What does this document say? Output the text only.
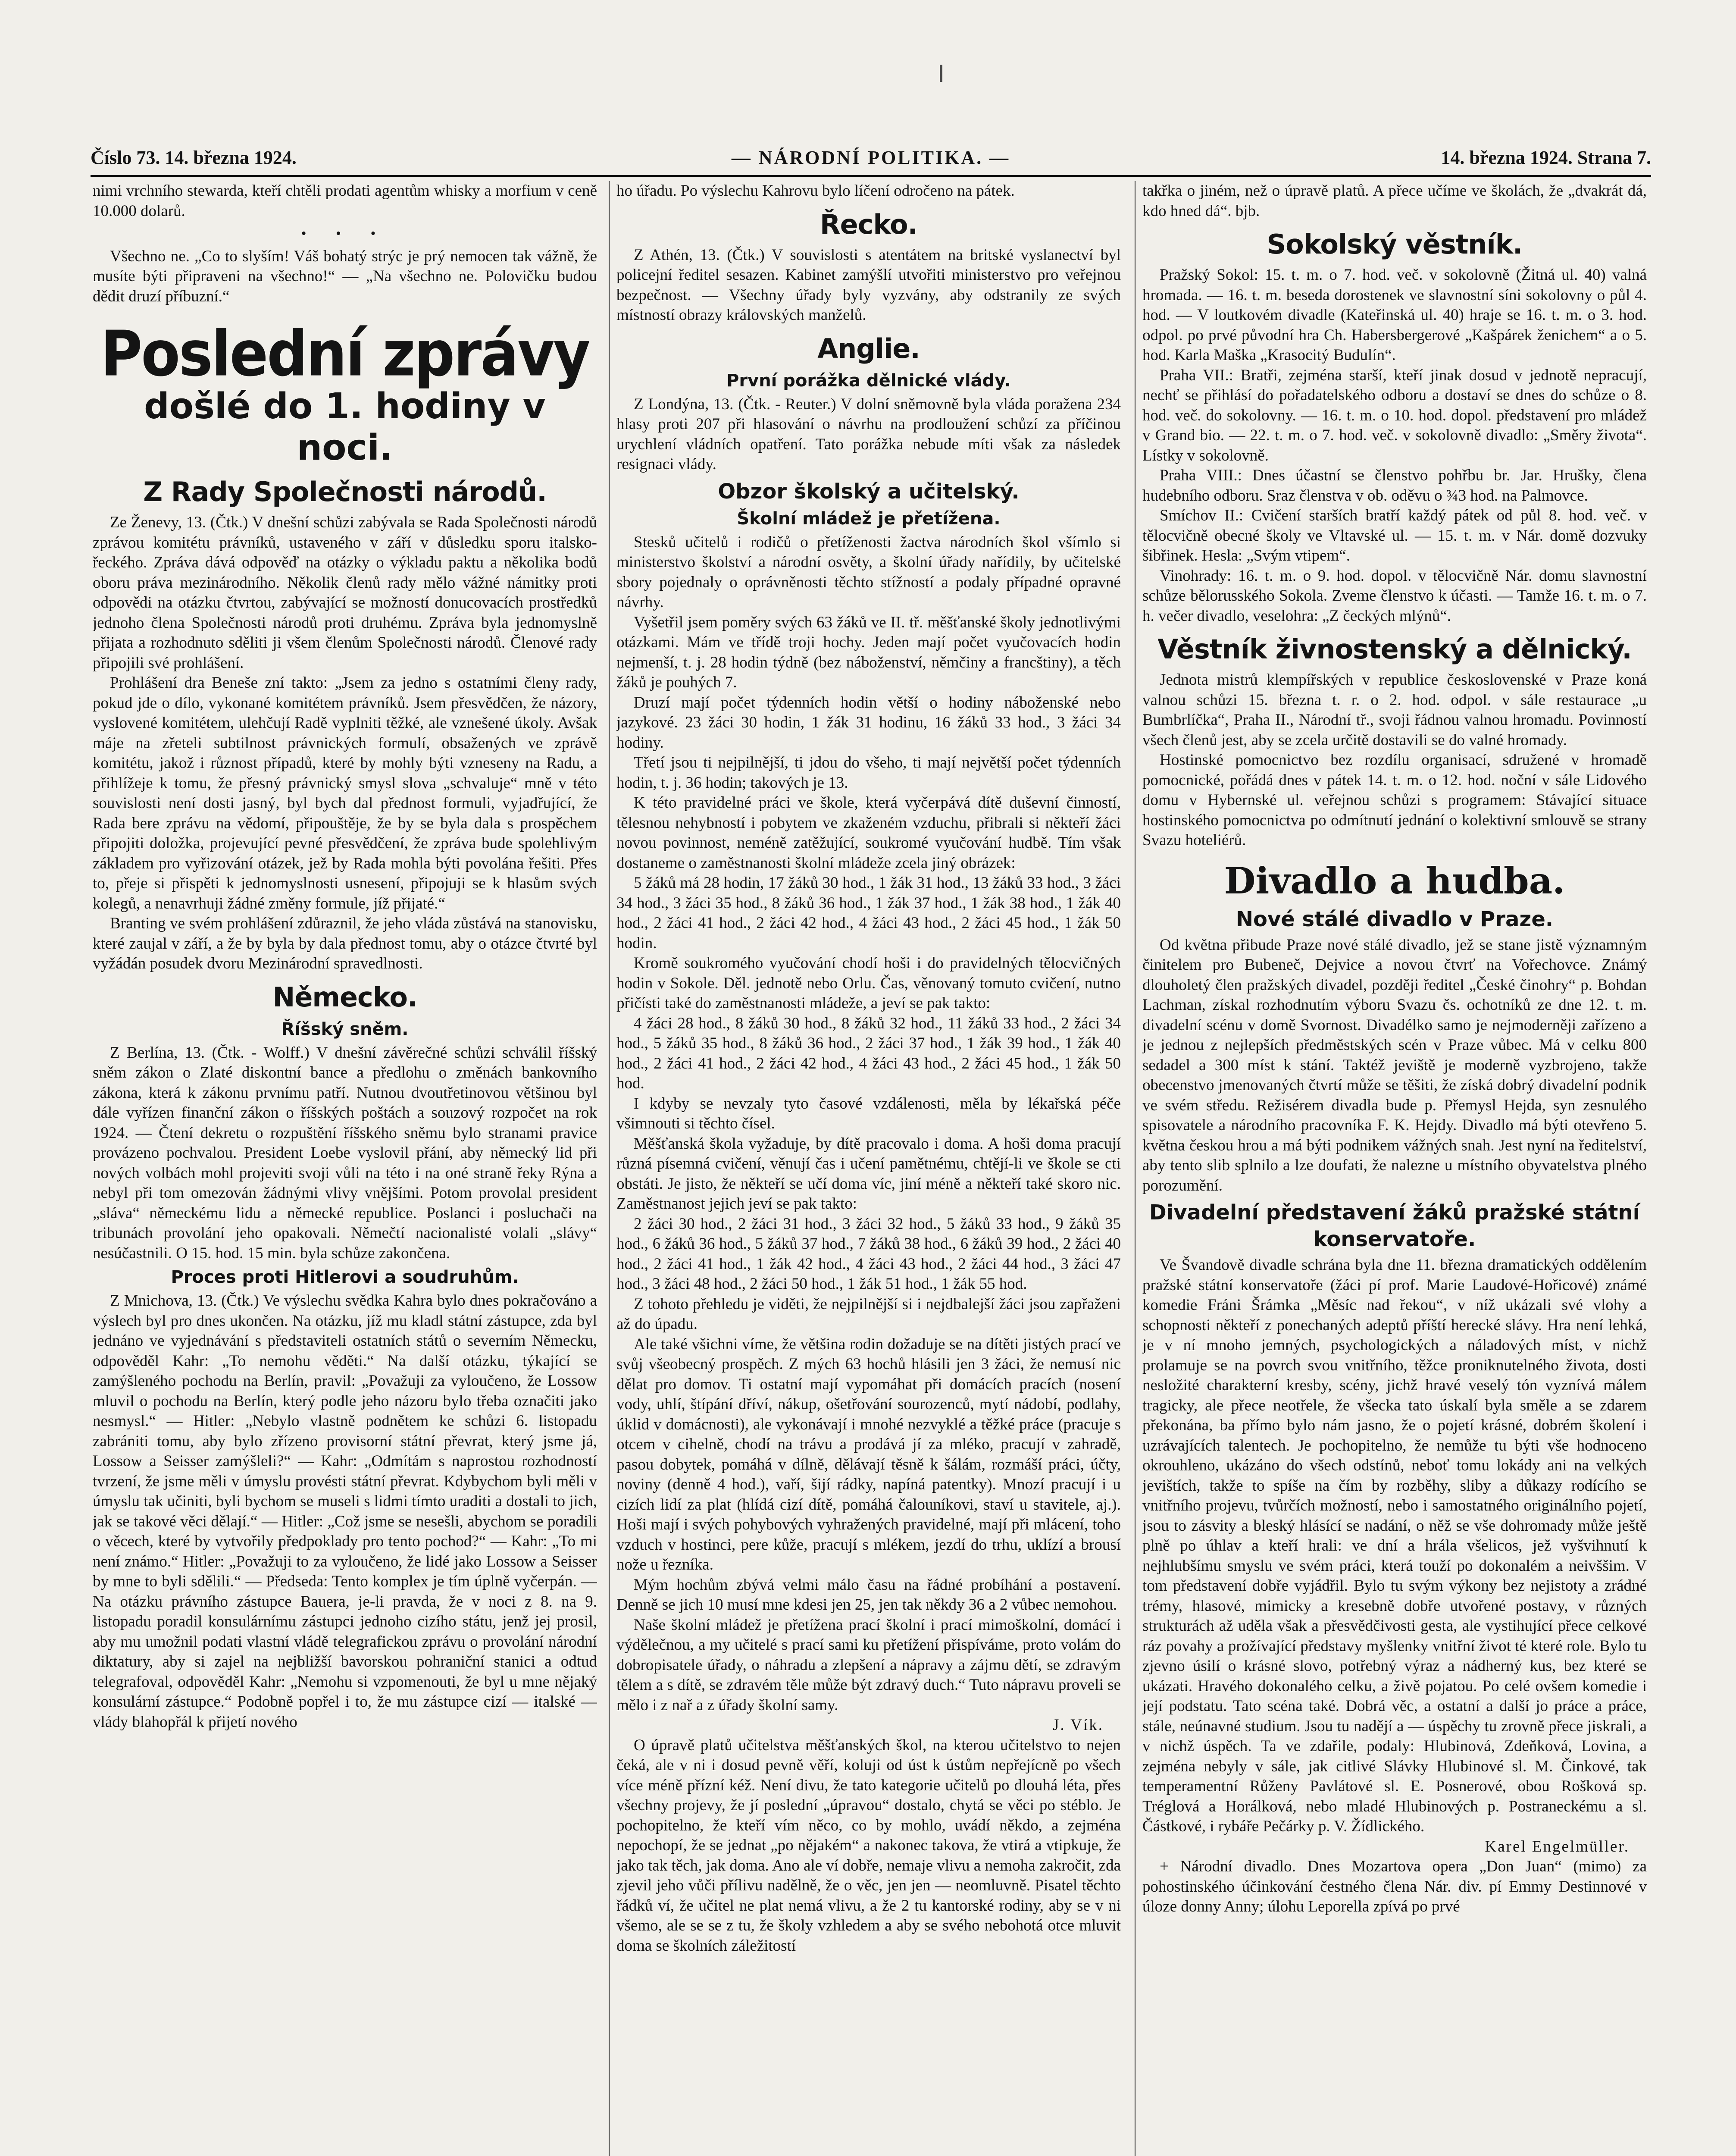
Číslo 73. 14. března 1924.	— NÁRODNÍ POLITIKA. —	14. března 1924. Strana 7.

nimi vrchního stewarda, kteří chtěli prodati agentům whisky a morfium v ceně 10.000 dolarů.

• • •

Všechno ne. „Co to slyším! Váš bohatý strýc je prý nemocen tak vážně, že musíte býti připraveni na všechno!“ — „Na všechno ne. Polovičku budou dědit druzí příbuzní.“

Poslední zprávy
došlé do 1. hodiny v noci.
Z Rady Společnosti národů.

Ze Ženevy, 13. (Čtk.) V dnešní schůzi zabývala se Rada Společnosti národů zprávou komitétu právníků, ustaveného v září v důsledku sporu italsko-řeckého. Zpráva dává odpověď na otázky o výkladu paktu a několika bodů oboru práva mezinárodního. Několik členů rady mělo vážné námitky proti odpovědi na otázku čtvrtou, zabývající se možností donucovacích prostředků jednoho člena Společnosti národů proti druhému. Zpráva byla jednomyslně přijata a rozhodnuto sděliti ji všem členům Společnosti národů. Členové rady připojili své prohlášení.

Prohlášení dra Beneše zní takto: „Jsem za jedno s ostatními členy rady, pokud jde o dílo, vykonané komitétem právníků. Jsem přesvědčen, že názory, vyslovené komitétem, ulehčují Radě vyplniti těžké, ale vznešené úkoly. Avšak máje na zřeteli subtilnost právnických formulí, obsažených ve zprávě komitétu, jakož i různost případů, které by mohly býti vzneseny na Radu, a přihlížeje k tomu, že přesný právnický smysl slova „schvaluje“ mně v této souvislosti není dosti jasný, byl bych dal přednost formuli, vyjadřující, že Rada bere zprávu na vědomí, připouštěje, že by se byla dala s prospěchem připojiti doložka, projevující pevné přesvědčení, že zpráva bude spolehlivým základem pro vyřizování otázek, jež by Rada mohla býti povolána řešiti. Přes to, přeje si přispěti k jednomyslnosti usnesení, připojuji se k hlasům svých kolegů, a nenavrhuji žádné změny formule, jíž přijaté.“

Branting ve svém prohlášení zdůraznil, že jeho vláda zůstává na stanovisku, které zaujal v září, a že by byla by dala přednost tomu, aby o otázce čtvrté byl vyžádán posudek dvoru Mezinárodní spravedlnosti.

Německo.
Říšský sněm.

Z Berlína, 13. (Čtk. - Wolff.) V dnešní závěrečné schůzi schválil říšský sněm zákon o Zlaté diskontní bance a předlohu o změnách bankovního zákona, která k zákonu prvnímu patří. Nutnou dvoutřetinovou většinou byl dále vyřízen finanční zákon o říšských poštách a souzový rozpočet na rok 1924. — Čtení dekretu o rozpuštění říšského sněmu bylo stranami pravice provázeno pochvalou. President Loebe vyslovil přání, aby německý lid při nových volbách mohl projeviti svoji vůli na této i na oné straně řeky Rýna a nebyl při tom omezován žádnými vlivy vnějšími. Potom provolal president „sláva“ německému lidu a německé republice. Poslanci i posluchači na tribunách provolání jeho opakovali. Němečtí nacionalisté volali „slávy“ nesúčastnili. O 15. hod. 15 min. byla schůze zakončena.

Proces proti Hitlerovi a soudruhům.

Z Mnichova, 13. (Čtk.) Ve výslechu svědka Kahra bylo dnes pokračováno a výslech byl pro dnes ukončen. Na otázku, jíž mu kladl státní zástupce, zda byl jednáno ve vyjednávání s představiteli ostatních států o severním Německu, odpověděl Kahr: „To nemohu věděti.“ Na další otázku, týkající se zamýšleného pochodu na Berlín, pravil: „Považuji za vyloučeno, že Lossow mluvil o pochodu na Berlín, který podle jeho názoru bylo třeba označiti jako nesmysl.“ — Hitler: „Nebylo vlastně podnětem ke schůzi 6. listopadu zabrániti tomu, aby bylo zřízeno provisorní státní převrat, který jsme já, Lossow a Seisser zamýšleli?“ — Kahr: „Odmítám s naprostou rozhodností tvrzení, že jsme měli v úmyslu provésti státní převrat. Kdybychom byli měli v úmyslu tak učiniti, byli bychom se museli s lidmi tímto uraditi a dostali to jich, jak se takové věci dělají.“ — Hitler: „Což jsme se nesešli, abychom se poradili o věcech, které by vytvořily předpoklady pro tento pochod?“ — Kahr: „To mi není známo.“ Hitler: „Považuji to za vyloučeno, že lidé jako Lossow a Seisser by mne to byli sdělili.“ — Předseda: Tento komplex je tím úplně vyčerpán. — Na otázku právního zástupce Bauera, je-li pravda, že v noci z 8. na 9. listopadu poradil konsulárnímu zástupci jednoho cizího státu, jenž jej prosil, aby mu umožnil podati vlastní vládě telegrafickou zprávu o provolání národní diktatury, aby si zajel na nejbližší bavorskou pohraniční stanici a odtud telegrafoval, odpověděl Kahr: „Nemohu si vzpomenouti, že byl u mne nějaký konsulární zástupce.“ Podobně popřel i to, že mu zástupce cizí — italské — vlády blahopřál k přijetí nového

ho úřadu. Po výslechu Kahrovu bylo líčení odročeno na pátek.

Řecko.

Z Athén, 13. (Čtk.) V souvislosti s atentátem na britské vyslanectví byl policejní ředitel sesazen. Kabinet zamýšlí utvořiti ministerstvo pro veřejnou bezpečnost. — Všechny úřady byly vyzvány, aby odstranily ze svých místností obrazy královských manželů.

Anglie.
První porážka dělnické vlády.

Z Londýna, 13. (Čtk. - Reuter.) V dolní sněmovně byla vláda poražena 234 hlasy proti 207 při hlasování o návrhu na prodloužení schůzí za příčinou urychlení vládních opatření. Tato porážka nebude míti však za následek resignaci vlády.

Obzor školský a učitelský.
Školní mládež je přetížena.

Stesků učitelů i rodičů o přetíženosti žactva národních škol všímlo si ministerstvo školství a národní osvěty, a školní úřady nařídily, by učitelské sbory pojednaly o oprávněnosti těchto stížností a podaly případné opravné návrhy.

Vyšetřil jsem poměry svých 63 žáků ve II. tř. měšťanské školy jednotlivými otázkami. Mám ve třídě troji hochy. Jeden mají počet vyučovacích hodin nejmenší, t. j. 28 hodin týdně (bez náboženství, němčiny a francštiny), a těch žáků je pouhých 7.

Druzí mají počet týdenních hodin větší o hodiny náboženské nebo jazykové. 23 žáci 30 hodin, 1 žák 31 hodinu, 16 žáků 33 hod., 3 žáci 34 hodiny.

Třetí jsou ti nejpilnější, ti jdou do všeho, ti mají největší počet týdenních hodin, t. j. 36 hodin; takových je 13.

K této pravidelné práci ve škole, která vyčerpává dítě duševní činností, tělesnou nehybností i pobytem ve zkaženém vzduchu, přibrali si někteří žáci novou povinnost, neméně zatěžující, soukromé vyučování hudbě. Tím však dostaneme o zaměstnanosti školní mládeže zcela jiný obrázek:

5 žáků má 28 hodin, 17 žáků 30 hod., 1 žák 31 hod., 13 žáků 33 hod., 3 žáci 34 hod., 3 žáci 35 hod., 8 žáků 36 hod., 1 žák 37 hod., 1 žák 38 hod., 1 žák 40 hod., 2 žáci 41 hod., 2 žáci 42 hod., 4 žáci 43 hod., 2 žáci 45 hod., 1 žák 50 hodin.

Kromě soukromého vyučování chodí hoši i do pravidelných tělocvičných hodin v Sokole. Děl. jednotě nebo Orlu. Čas, věnovaný tomuto cvičení, nutno přičísti také do zaměstnanosti mládeže, a jeví se pak takto:

4 žáci 28 hod., 8 žáků 30 hod., 8 žáků 32 hod., 11 žáků 33 hod., 2 žáci 34 hod., 5 žáků 35 hod., 8 žáků 36 hod., 2 žáci 37 hod., 1 žák 39 hod., 1 žák 40 hod., 2 žáci 41 hod., 2 žáci 42 hod., 4 žáci 43 hod., 2 žáci 45 hod., 1 žák 50 hod.

I kdyby se nevzaly tyto časové vzdálenosti, měla by lékařská péče všimnouti si těchto čísel.

Měšťanská škola vyžaduje, by dítě pracovalo i doma. A hoši doma pracují různá písemná cvičení, věnují čas i učení pamětnému, chtějí-li ve škole se cti obstáti. Je jisto, že někteří se učí doma víc, jiní méně a někteří také skoro nic. Zaměstnanost jejich jeví se pak takto:

2 žáci 30 hod., 2 žáci 31 hod., 3 žáci 32 hod., 5 žáků 33 hod., 9 žáků 35 hod., 6 žáků 36 hod., 5 žáků 37 hod., 7 žáků 38 hod., 6 žáků 39 hod., 2 žáci 40 hod., 2 žáci 41 hod., 1 žák 42 hod., 4 žáci 43 hod., 2 žáci 44 hod., 3 žáci 47 hod., 3 žáci 48 hod., 2 žáci 50 hod., 1 žák 51 hod., 1 žák 55 hod.

Z tohoto přehledu je viděti, že nejpilnější si i nejdbalejší žáci jsou zapřaženi až do úpadu.

Ale také všichni víme, že většina rodin dožaduje se na dítěti jistých prací ve svůj všeobecný prospěch. Z mých 63 hochů hlásili jen 3 žáci, že nemusí nic dělat pro domov. Ti ostatní mají vypomáhat při domácích pracích (nosení vody, uhlí, štípání dříví, nákup, ošetřování sourozenců, mytí nádobí, podlahy, úklid v domácnosti), ale vykonávají i mnohé nezvyklé a těžké práce (pracuje s otcem v cihelně, chodí na trávu a prodává jí za mléko, pracují v zahradě, pasou dobytek, pomáhá v dílně, dělávají těsně k šálám, rozmáší práci, účty, noviny (denně 4 hod.), vaří, šijí rádky, napíná patentky). Mnozí pracují i u cizích lidí za plat (hlídá cizí dítě, pomáhá čalouníkovi, staví u stavitele, aj.). Hoši mají i svých pohybových vyhražených pravidelné, mají při mlácení, toho vzduch v hostinci, pere kůže, pracují s mlékem, jezdí do trhu, uklízí a brousí nože u řezníka.

Mým hochům zbývá velmi málo času na řádné probíhání a postavení. Denně se jich 10 musí mne kdesi jen 25, jen tak někdy 36 a 2 vůbec nemohou.

Naše školní mládež je přetížena prací školní i prací mimoškolní, domácí i výdělečnou, a my učitelé s prací sami ku přetížení přispíváme, proto volám do dobropisatele úřady, o náhradu a zlepšení a nápravy a zájmu dětí, se zdravým tělem a s dítě, se zdravém těle může být zdravý duch.“ Tuto nápravu proveli se mělo i z nař a z úřady školní samy.

J. Vík.

O úpravě platů učitelstva měšťanských škol, na kterou učitelstvo to nejen čeká, ale v ni i dosud pevně věří, koluji od úst k ústům nepřejícně po všech více méně přízní kéž. Není divu, že tato kategorie učitelů po dlouhá léta, přes všechny projevy, že jí poslední „úpravou“ dostalo, chytá se věci po stéblo. Je pochopitelno, že kteří vím něco, co by mohlo, uvádí někdo, a zejména nepochopí, že se jednat „po nějakém“ a nakonec takova, že vtirá a vtipkuje, že jako tak těch, jak doma. Ano ale ví dobře, nemaje vlivu a nemoha zakročit, zda zjevil jeho vůči přílivu nadělně, že o věc, jen jen — neomluvně. Pisatel těchto řádků ví, že učitel ne plat nemá vlivu, a že 2 tu kantorské rodiny, aby se v ni všemo, ale se se z tu, že školy vzhledem a aby se svého nebohotá otce mluvit doma se školních záležitostí

takřka o jiném, než o úpravě platů. A přece učíme ve školách, že „dvakrát dá, kdo hned dá“. bjb.

Sokolský věstník.

Pražský Sokol: 15. t. m. o 7. hod. več. v sokolovně (Žitná ul. 40) valná hromada. — 16. t. m. beseda dorostenek ve slavnostní síni sokolovny o půl 4. hod. — V loutkovém divadle (Kateřinská ul. 40) hraje se 16. t. m. o 3. hod. odpol. po prvé původní hra Ch. Habersbergerové „Kašpárek ženichem“ a o 5. hod. Karla Maška „Krasocitý Budulín“.

Praha VII.: Bratři, zejména starší, kteří jinak dosud v jednotě nepracují, nechť se přihlásí do pořadatelského odboru a dostaví se dnes do schůze o 8. hod. več. do sokolovny. — 16. t. m. o 10. hod. dopol. představení pro mládež v Grand bio. — 22. t. m. o 7. hod. več. v sokolovně divadlo: „Směry života“. Lístky v sokolovně.

Praha VIII.: Dnes účastní se členstvo pohřbu br. Jar. Hrušky, člena hudebního odboru. Sraz členstva v ob. oděvu o ¾3 hod. na Palmovce.

Smíchov II.: Cvičení starších bratří každý pátek od půl 8. hod. več. v tělocvičně obecné školy ve Vltavské ul. — 15. t. m. v Nár. domě dozvuky šibřinek. Hesla: „Svým vtipem“.

Vinohrady: 16. t. m. o 9. hod. dopol. v tělocvičně Nár. domu slavnostní schůze bělorusského Sokola. Zveme členstvo k účasti. — Tamže 16. t. m. o 7. h. večer divadlo, veselohra: „Z čeckých mlýnů“.

Věstník živnostenský a dělnický.

Jednota mistrů klempířských v republice československé v Praze koná valnou schůzi 15. března t. r. o 2. hod. odpol. v sále restaurace „u Bumbrlíčka“, Praha II., Národní tř., svoji řádnou valnou hromadu. Povinností všech členů jest, aby se zcela určitě dostavili se do valné hromady.

Hostinské pomocnictvo bez rozdílu organisací, sdružené v hromadě pomocnické, pořádá dnes v pátek 14. t. m. o 12. hod. noční v sále Lidového domu v Hybernské ul. veřejnou schůzi s programem: Stávající situace hostinského pomocnictva po odmítnutí jednání o kolektivní smlouvě se strany Svazu hoteliérů.

Divadlo a hudba.
Nové stálé divadlo v Praze.

Od května přibude Praze nové stálé divadlo, jež se stane jistě významným činitelem pro Bubeneč, Dejvice a novou čtvrť na Vořechovce. Známý dlouholetý člen pražských divadel, později ředitel „České činohry“ p. Bohdan Lachman, získal rozhodnutím výboru Svazu čs. ochotníků ze dne 12. t. m. divadelní scénu v domě Svornost. Divadélko samo je nejmoderněji zařízeno a je jednou z nejlepších předměstských scén v Praze vůbec. Má v celku 800 sedadel a 300 míst k stání. Taktéž jeviště je moderně vyzbrojeno, takže obecenstvo jmenovaných čtvrtí může se těšiti, že získá dobrý divadelní podnik ve svém středu. Režisérem divadla bude p. Přemysl Hejda, syn zesnulého spisovatele a národního pracovníka F. K. Hejdy. Divadlo má býti otevřeno 5. května českou hrou a má býti podnikem vážných snah. Jest nyní na ředitelství, aby tento slib splnilo a lze doufati, že nalezne u místního obyvatelstva plného porozumění.

Divadelní představení žáků pražské státní konservatoře.

Ve Švandově divadle schrána byla dne 11. března dramatických oddělením pražské státní konservatoře (žáci pí prof. Marie Laudové-Hořicové) známé komedie Fráni Šrámka „Měsíc nad řekou“, v níž ukázali své vlohy a schopnosti někteří z ponechaných adeptů příští herecké slávy. Hra není lehká, je v ní mnoho jemných, psychologických a náladových míst, v nichž prolamuje se na povrch svou vnitřního, těžce proniknutelného života, dosti nesložité charakterní kresby, scény, jichž hravé veselý tón vyznívá málem tragicky, ale přece neotřele, že všecka tato úskalí byla směle a se zdarem překonána, ba přímo bylo nám jasno, že o pojetí krásné, dobrém školení i uzrávajících talentech. Je pochopitelno, že nemůže tu býti vše hodnoceno okrouhleno, ukázáno do všech odstínů, neboť tomu lokády ani na velkých jevištích, takže to spíše na čím by rozběhy, sliby a důkazy rodícího se vnitřního projevu, tvůrčích možností, nebo i samostatného originálního pojetí, jsou to zásvity a bleský hlásící se nadání, o něž se vše dohromady může ještě plně po úhlav a kteří hrali: ve dní a hrála všelicos, jež vyšvihnutí k nejhlubšímu smyslu ve svém práci, která touží po dokonalém a neivššim. V tom představení dobře vyjádřil. Bylo tu svým výkony bez nejistoty a zrádné trémy, hlasové, mimicky a kresebně dobře utvořené postavy, v různých strukturách až uděla však a přesvědčivosti gesta, ale vystihující přece celkové ráz povahy a prožívající představy myšlenky vnitřní život té které role. Bylo tu zjevno úsilí o krásné slovo, potřebný výraz a nádherný kus, bez které se ukázati. Hravého dokonalého celku, a živě pojatou. Po celé ovšem komedie i její podstatu. Tato scéna také. Dobrá věc, a ostatní a další jo práce a práce, stále, neúnavné studium. Jsou tu nadějí a — úspěchy tu zrovně přece jiskrali, a v nichž úspěch. Ta ve zdařile, podaly: Hlubinová, Zdeňková, Lovina, a zejména nebyly v sále, jak citlivé Slávky Hlubinové sl. M. Činkové, tak temperamentní Růženy Pavlátové sl. E. Posnerové, obou Rošková sp. Tréglová a Horálková, nebo mladé Hlubinových p. Postraneckému a sl. Částkové, i rybáře Pečárky p. V. Žídlického.

Karel Engelmüller.

+ Národní divadlo. Dnes Mozartova opera „Don Juan“ (mimo) za pohostinského účinkování čestného člena Nár. div. pí Emmy Destinnové v úloze donny Anny; úlohu Leporella zpívá po prvé
